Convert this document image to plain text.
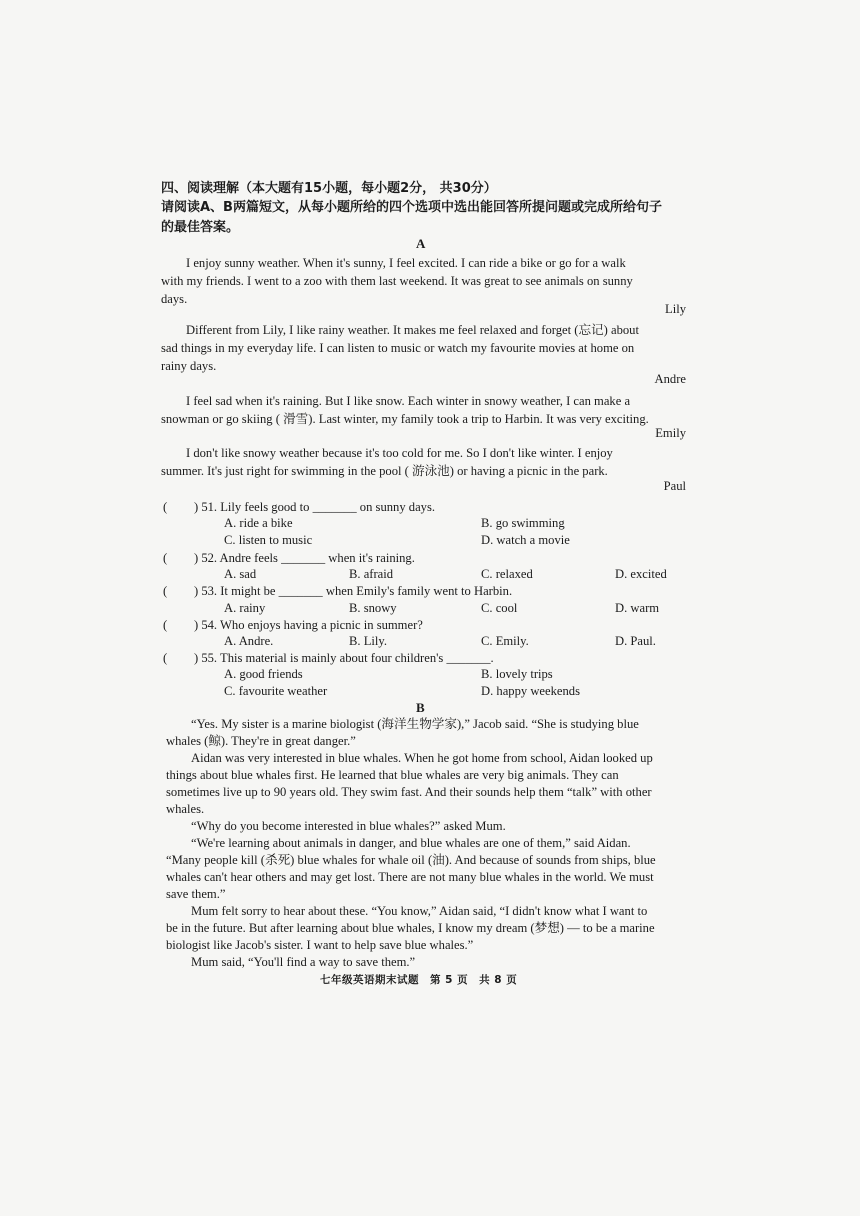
四、阅读理解（本大题有15小题，每小题2分， 共30分）
请阅读A、B两篇短文，从每小题所给的四个选项中选出能回答所提问题或完成所给句子
的最佳答案。
A
I enjoy sunny weather. When it's sunny, I feel excited. I can ride a bike or go for a walk
with my friends. I went to a zoo with them last weekend. It was great to see animals on sunny
days.
Lily
Different from Lily, I like rainy weather. It makes me feel relaxed and forget (忘记) about
sad things in my everyday life. I can listen to music or watch my favourite movies at home on
rainy days.
Andre
I feel sad when it's raining. But I like snow. Each winter in snowy weather, I can make a
snowman or go skiing ( 滑雪). Last winter, my family took a trip to Harbin. It was very exciting.
Emily
I don't like snowy weather because it's too cold for me. So I don't like winter. I enjoy
summer. It's just right for swimming in the pool ( 游泳池) or having a picnic in the park.
Paul
( ) 51. Lily feels good to _______ on sunny days.
A. ride a bike	B. go swimming
C. listen to music	D. watch a movie
( ) 52. Andre feels _______ when it's raining.
A. sad	B. afraid	C. relaxed	D. excited
( ) 53. It might be _______ when Emily's family went to Harbin.
A. rainy	B. snowy	C. cool	D. warm
( ) 54. Who enjoys having a picnic in summer?
A. Andre.	B. Lily.	C. Emily.	D. Paul.
( ) 55. This material is mainly about four children's _______.
A. good friends	B. lovely trips
C. favourite weather	D. happy weekends
B
“Yes. My sister is a marine biologist (海洋生物学家),” Jacob said. “She is studying blue
whales (鲸). They're in great danger.”
Aidan was very interested in blue whales. When he got home from school, Aidan looked up
things about blue whales first. He learned that blue whales are very big animals. They can
sometimes live up to 90 years old. They swim fast. And their sounds help them “talk” with other
whales.
“Why do you become interested in blue whales?” asked Mum.
“We're learning about animals in danger, and blue whales are one of them,” said Aidan.
“Many people kill (杀死) blue whales for whale oil (油). And because of sounds from ships, blue
whales can't hear others and may get lost. There are not many blue whales in the world. We must
save them.”
Mum felt sorry to hear about these. “You know,” Aidan said, “I didn't know what I want to
be in the future. But after learning about blue whales, I know my dream (梦想) — to be a marine
biologist like Jacob's sister. I want to help save blue whales.”
Mum said, “You'll find a way to save them.”
七年级英语期末试题　第 5 页　共 8 页
